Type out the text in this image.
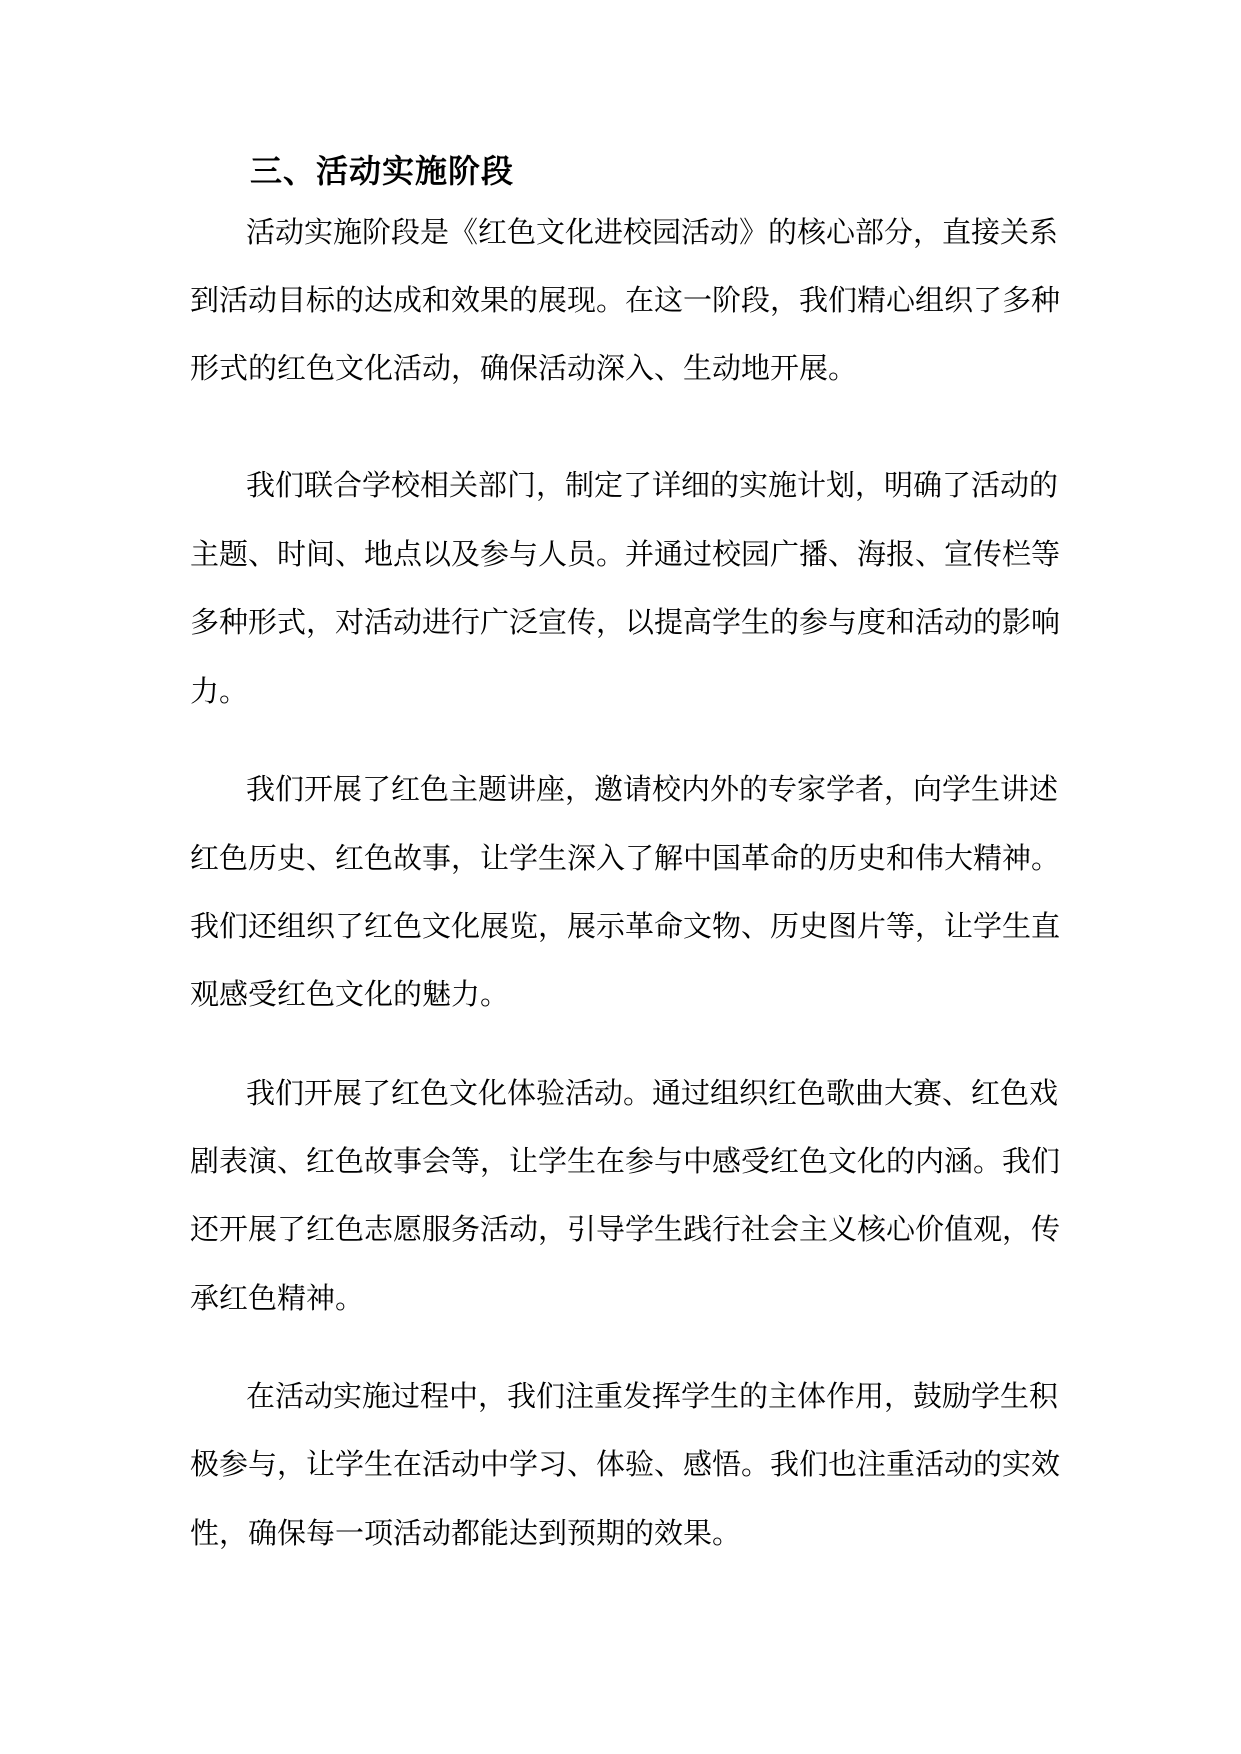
三、活动实施阶段

活动实施阶段是《红色文化进校园活动》的核心部分，直接关系

到活动目标的达成和效果的展现。在这一阶段，我们精心组织了多种

形式的红色文化活动，确保活动深入、生动地开展。

我们联合学校相关部门，制定了详细的实施计划，明确了活动的

主题、时间、地点以及参与人员。并通过校园广播、海报、宣传栏等

多种形式，对活动进行广泛宣传，以提高学生的参与度和活动的影响

力。

我们开展了红色主题讲座，邀请校内外的专家学者，向学生讲述

红色历史、红色故事，让学生深入了解中国革命的历史和伟大精神。

我们还组织了红色文化展览，展示革命文物、历史图片等，让学生直

观感受红色文化的魅力。

我们开展了红色文化体验活动。通过组织红色歌曲大赛、红色戏

剧表演、红色故事会等，让学生在参与中感受红色文化的内涵。我们

还开展了红色志愿服务活动，引导学生践行社会主义核心价值观，传

承红色精神。

在活动实施过程中，我们注重发挥学生的主体作用，鼓励学生积

极参与，让学生在活动中学习、体验、感悟。我们也注重活动的实效

性，确保每一项活动都能达到预期的效果。
